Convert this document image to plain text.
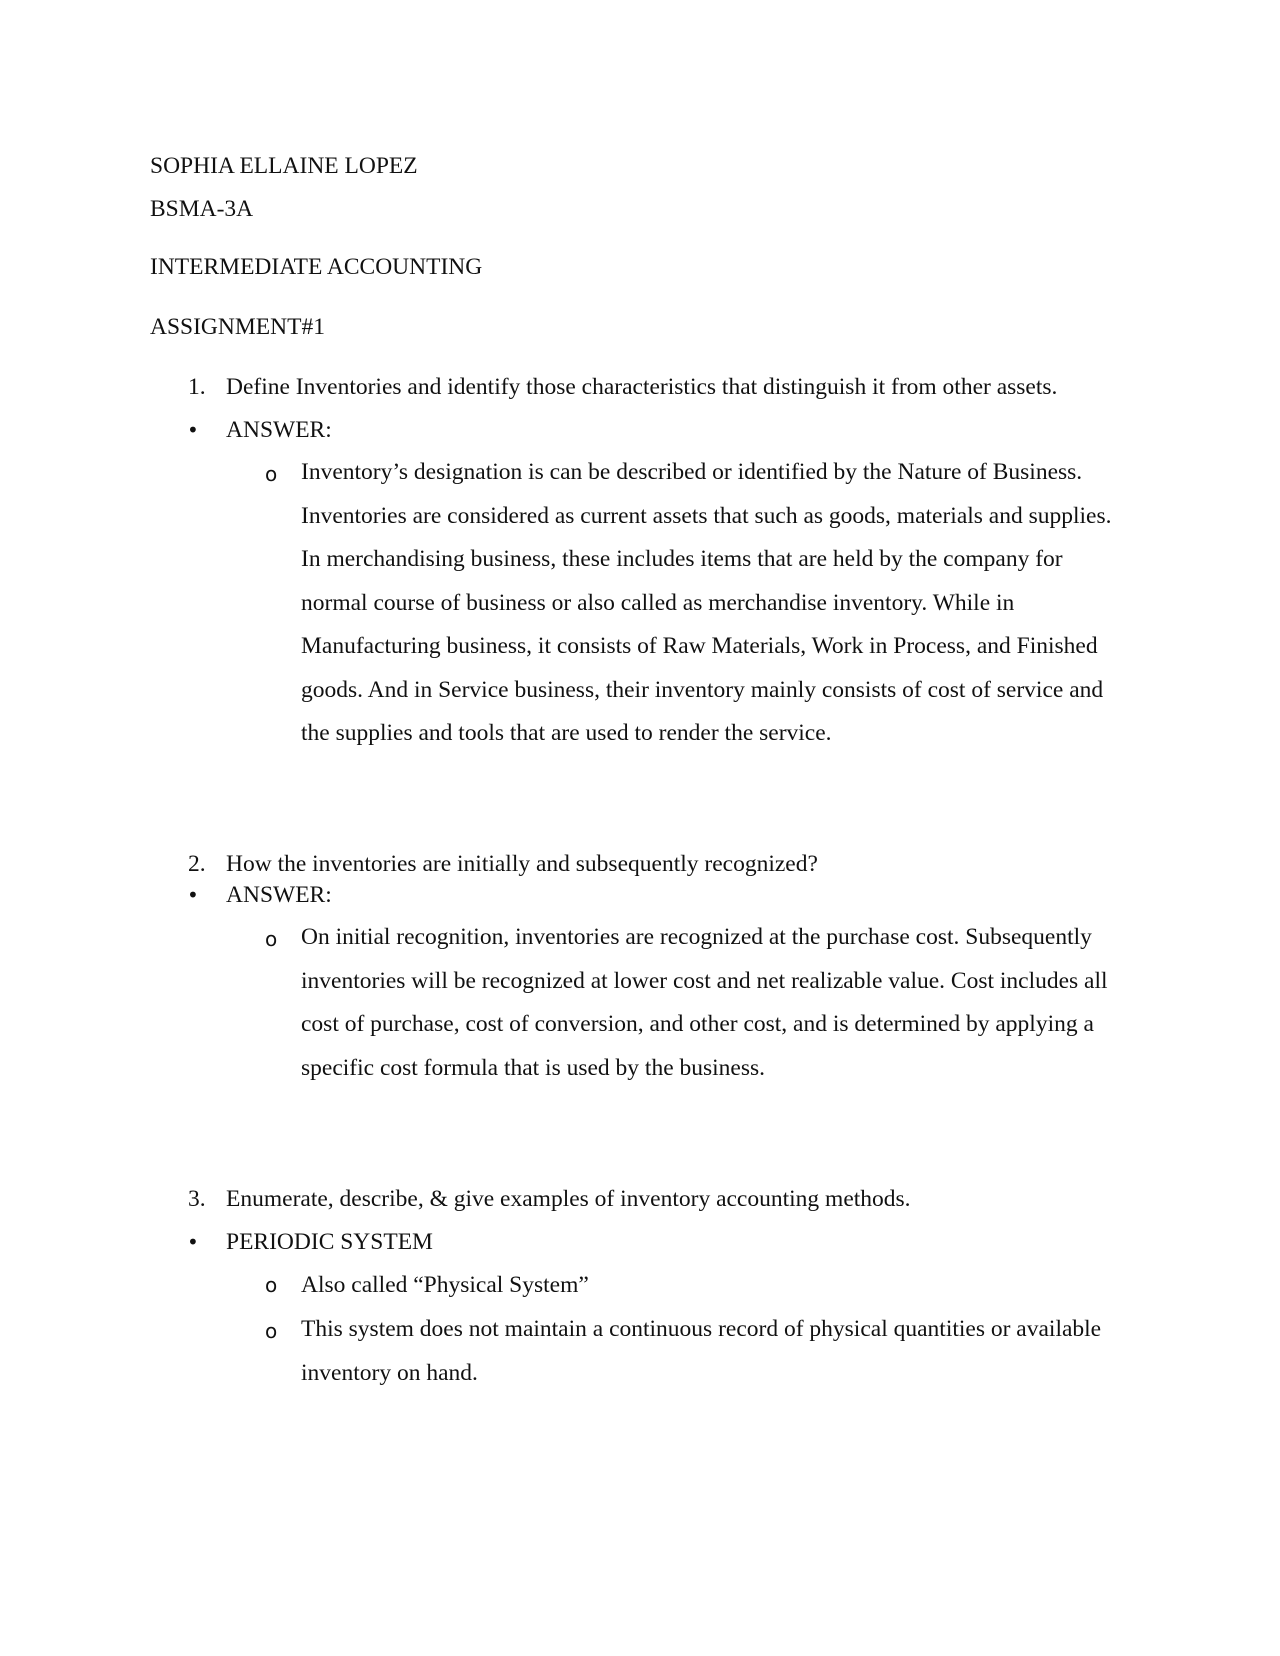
SOPHIA ELLAINE LOPEZ
BSMA-3A
INTERMEDIATE ACCOUNTING
ASSIGNMENT#1
1. Define Inventories and identify those characteristics that distinguish it from other assets.
• ANSWER:
o Inventory’s designation is can be described or identified by the Nature of Business. Inventories are considered as current assets that such as goods, materials and supplies. In merchandising business, these includes items that are held by the company for normal course of business or also called as merchandise inventory. While in Manufacturing business, it consists of Raw Materials, Work in Process, and Finished goods. And in Service business, their inventory mainly consists of cost of service and the supplies and tools that are used to render the service.
2. How the inventories are initially and subsequently recognized?
• ANSWER:
o On initial recognition, inventories are recognized at the purchase cost. Subsequently inventories will be recognized at lower cost and net realizable value. Cost includes all cost of purchase, cost of conversion, and other cost, and is determined by applying a specific cost formula that is used by the business.
3. Enumerate, describe, & give examples of inventory accounting methods.
• PERIODIC SYSTEM
o Also called “Physical System”
o This system does not maintain a continuous record of physical quantities or available inventory on hand.
